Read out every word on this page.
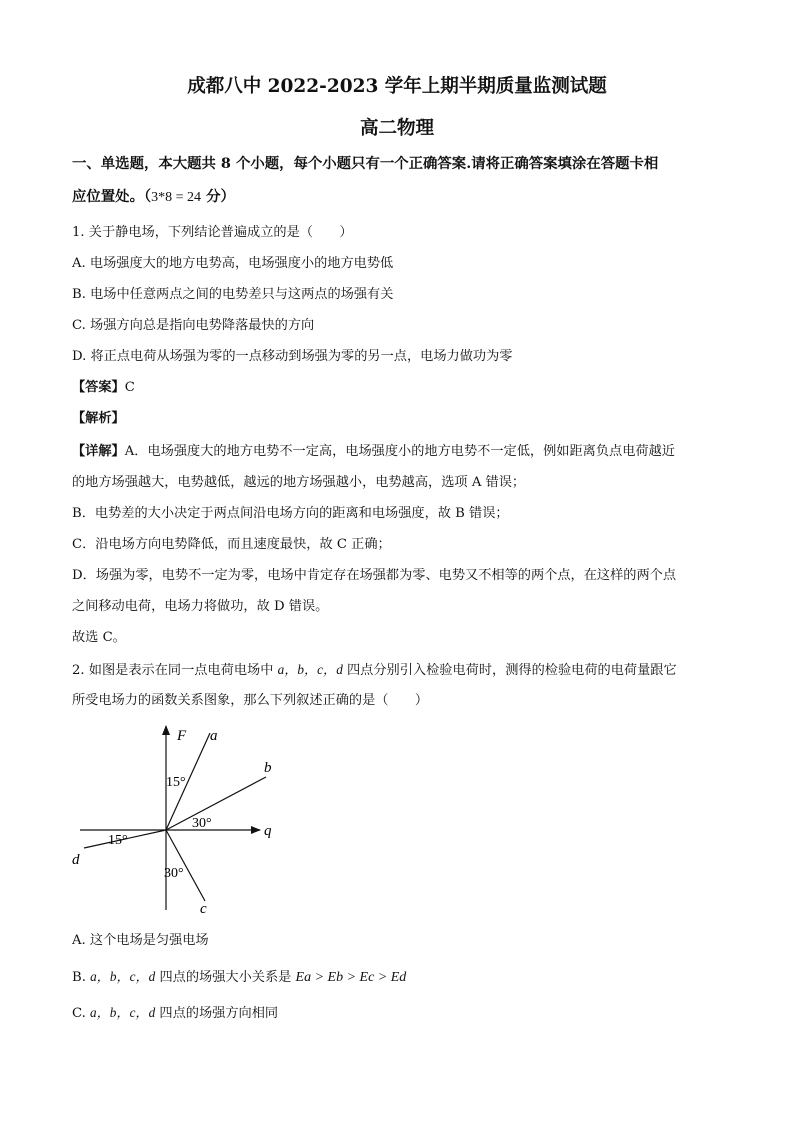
成都八中 2022-2023 学年上期半期质量监测试题
高二物理
一、单选题，本大题共 8 个小题，每个小题只有一个正确答案.请将正确答案填涂在答题卡相
应位置处。（3*8 = 24 分）
1. 关于静电场，下列结论普遍成立的是（　　）
A. 电场强度大的地方电势高，电场强度小的地方电势低
B. 电场中任意两点之间的电势差只与这两点的场强有关
C. 场强方向总是指向电势降落最快的方向
D. 将正点电荷从场强为零的一点移动到场强为零的另一点，电场力做功为零
【答案】C
【解析】
【详解】A．电场强度大的地方电势不一定高，电场强度小的地方电势不一定低，例如距离负点电荷越近
的地方场强越大，电势越低，越远的地方场强越小，电势越高，选项 A 错误；
B．电势差的大小决定于两点间沿电场方向的距离和电场强度，故 B 错误；
C．沿电场方向电势降低，而且速度最快，故 C 正确；
D．场强为零，电势不一定为零，电场中肯定存在场强都为零、电势又不相等的两个点，在这样的两个点
之间移动电荷，电场力将做功，故 D 错误。
故选 C。
2. 如图是表示在同一点电荷电场中 a，b，c，d 四点分别引入检验电荷时，测得的检验电荷的电荷量跟它
所受电场力的函数关系图象，那么下列叙述正确的是（　　）
F a
b
q
d
c
15°
30°
15°
30°
A. 这个电场是匀强电场
B. a，b，c，d 四点的场强大小关系是 Ea > Eb > Ec > Ed
C. a，b，c，d 四点的场强方向相同
